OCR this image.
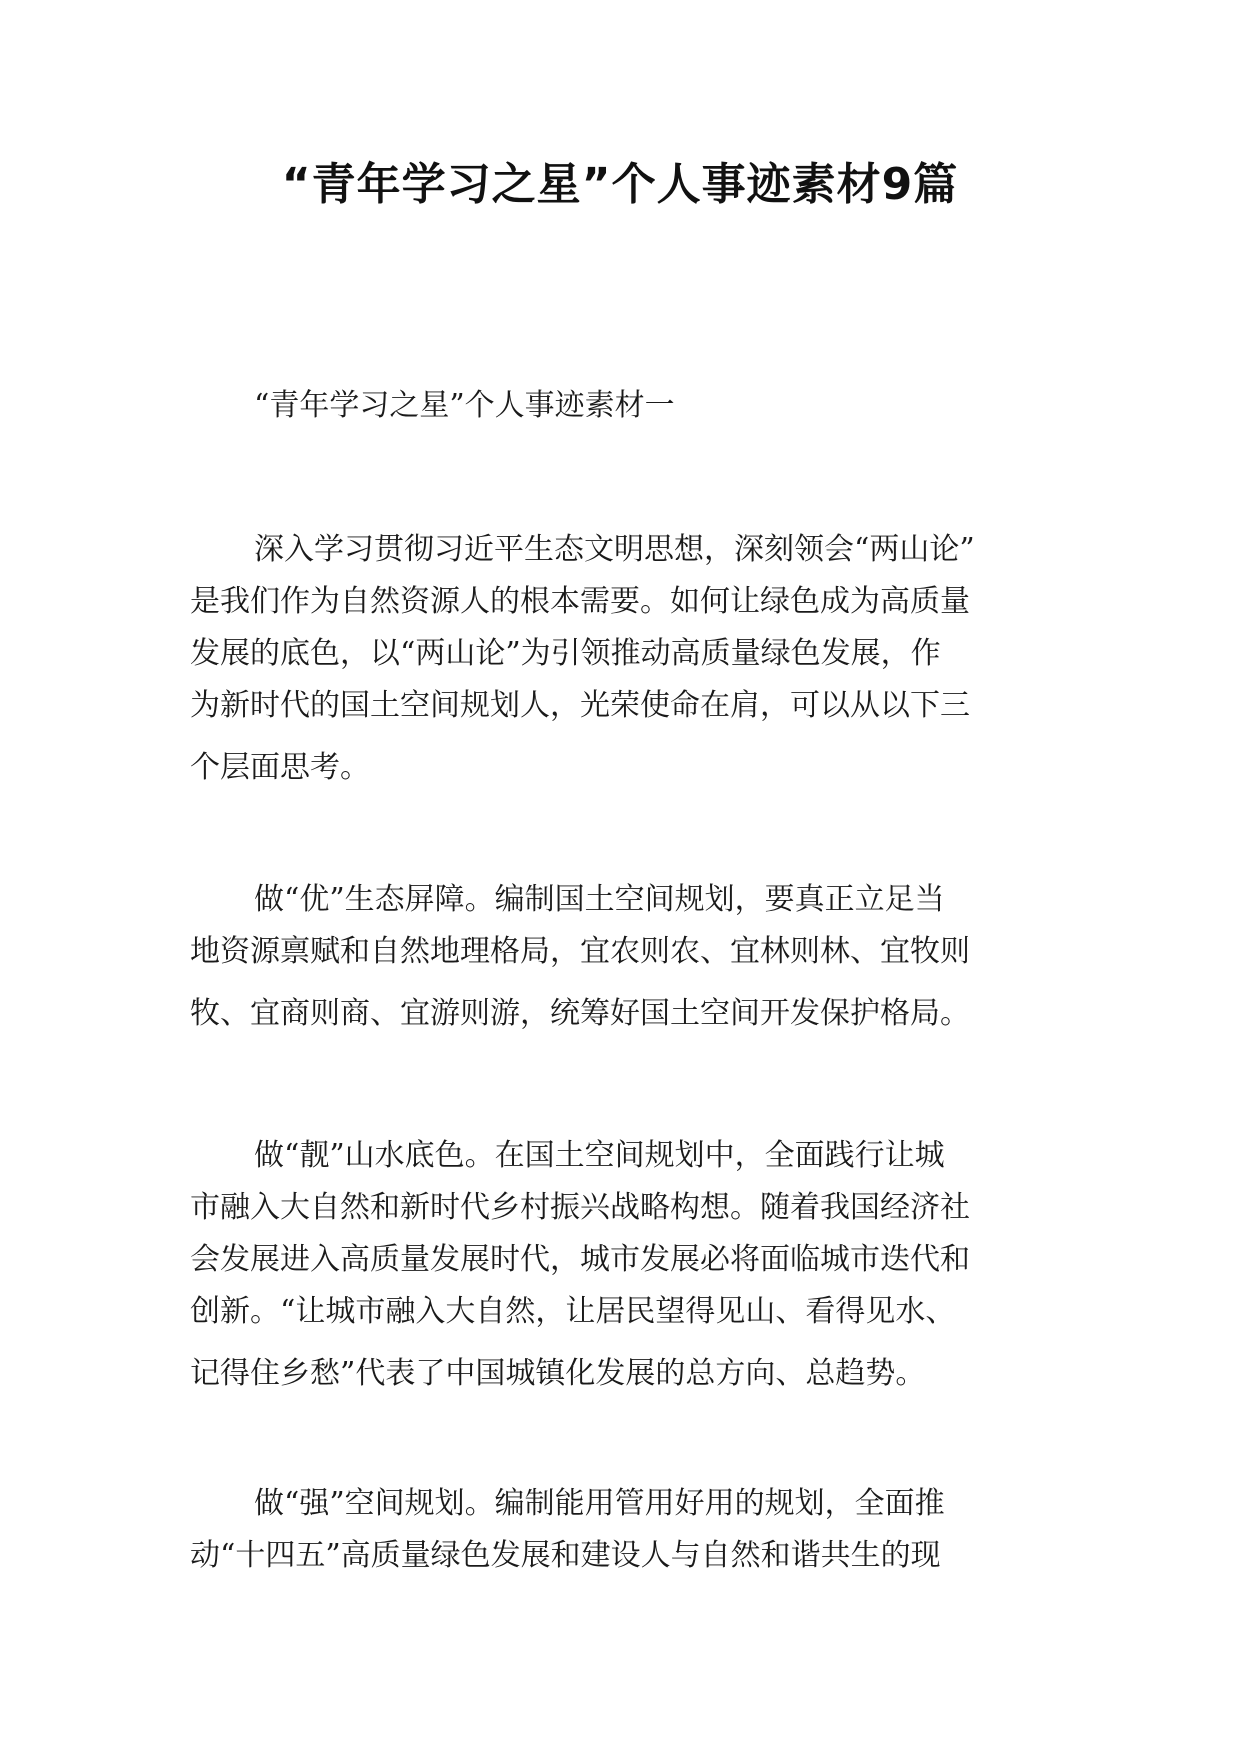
“青年学习之星”个人事迹素材9篇
“青年学习之星”个人事迹素材一
深入学习贯彻习近平生态文明思想，深刻领会“两山论”
是我们作为自然资源人的根本需要。如何让绿色成为高质量
发展的底色，以“两山论”为引领推动高质量绿色发展，作
为新时代的国土空间规划人，光荣使命在肩，可以从以下三
个层面思考。
做“优”生态屏障。编制国土空间规划，要真正立足当
地资源禀赋和自然地理格局，宜农则农、宜林则林、宜牧则
牧、宜商则商、宜游则游，统筹好国土空间开发保护格局。
做“靓”山水底色。在国土空间规划中，全面践行让城
市融入大自然和新时代乡村振兴战略构想。随着我国经济社
会发展进入高质量发展时代，城市发展必将面临城市迭代和
创新。“让城市融入大自然，让居民望得见山、看得见水、
记得住乡愁”代表了中国城镇化发展的总方向、总趋势。
做“强”空间规划。编制能用管用好用的规划，全面推
动“十四五”高质量绿色发展和建设人与自然和谐共生的现
